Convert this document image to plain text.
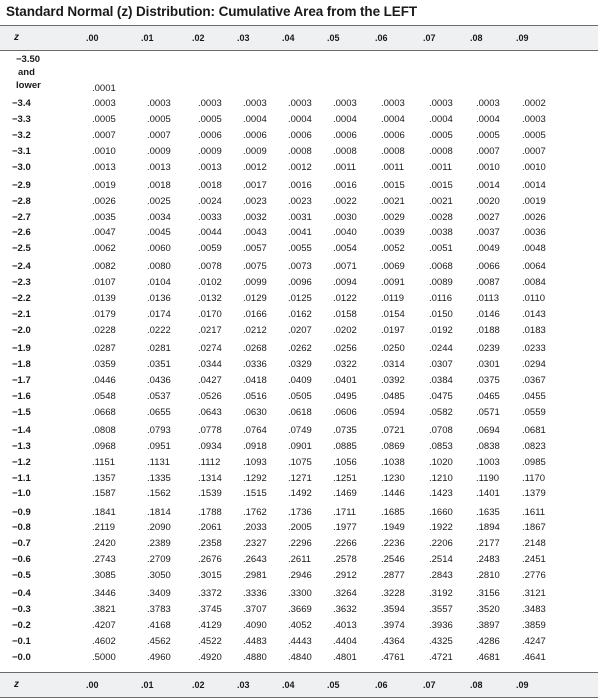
Standard Normal (z) Distribution: Cumulative Area from the LEFT
z	.00	.01	.02	.03	.04	.05	.06	.07	.08	.09
−3.50
and
lower	.0001
−3.4	.0003	.0003	.0003	.0003	.0003	.0003	.0003	.0003	.0003	.0002
−3.3	.0005	.0005	.0005	.0004	.0004	.0004	.0004	.0004	.0004	.0003
−3.2	.0007	.0007	.0006	.0006	.0006	.0006	.0006	.0005	.0005	.0005
−3.1	.0010	.0009	.0009	.0009	.0008	.0008	.0008	.0008	.0007	.0007
−3.0	.0013	.0013	.0013	.0012	.0012	.0011	.0011	.0011	.0010	.0010
−2.9	.0019	.0018	.0018	.0017	.0016	.0016	.0015	.0015	.0014	.0014
−2.8	.0026	.0025	.0024	.0023	.0023	.0022	.0021	.0021	.0020	.0019
−2.7	.0035	.0034	.0033	.0032	.0031	.0030	.0029	.0028	.0027	.0026
−2.6	.0047	.0045	.0044	.0043	.0041	.0040	.0039	.0038	.0037	.0036
−2.5	.0062	.0060	.0059	.0057	.0055	.0054	.0052	.0051	.0049	.0048
−2.4	.0082	.0080	.0078	.0075	.0073	.0071	.0069	.0068	.0066	.0064
−2.3	.0107	.0104	.0102	.0099	.0096	.0094	.0091	.0089	.0087	.0084
−2.2	.0139	.0136	.0132	.0129	.0125	.0122	.0119	.0116	.0113	.0110
−2.1	.0179	.0174	.0170	.0166	.0162	.0158	.0154	.0150	.0146	.0143
−2.0	.0228	.0222	.0217	.0212	.0207	.0202	.0197	.0192	.0188	.0183
−1.9	.0287	.0281	.0274	.0268	.0262	.0256	.0250	.0244	.0239	.0233
−1.8	.0359	.0351	.0344	.0336	.0329	.0322	.0314	.0307	.0301	.0294
−1.7	.0446	.0436	.0427	.0418	.0409	.0401	.0392	.0384	.0375	.0367
−1.6	.0548	.0537	.0526	.0516	.0505	.0495	.0485	.0475	.0465	.0455
−1.5	.0668	.0655	.0643	.0630	.0618	.0606	.0594	.0582	.0571	.0559
−1.4	.0808	.0793	.0778	.0764	.0749	.0735	.0721	.0708	.0694	.0681
−1.3	.0968	.0951	.0934	.0918	.0901	.0885	.0869	.0853	.0838	.0823
−1.2	.1151	.1131	.1112	.1093	.1075	.1056	.1038	.1020	.1003	.0985
−1.1	.1357	.1335	.1314	.1292	.1271	.1251	.1230	.1210	.1190	.1170
−1.0	.1587	.1562	.1539	.1515	.1492	.1469	.1446	.1423	.1401	.1379
−0.9	.1841	.1814	.1788	.1762	.1736	.1711	.1685	.1660	.1635	.1611
−0.8	.2119	.2090	.2061	.2033	.2005	.1977	.1949	.1922	.1894	.1867
−0.7	.2420	.2389	.2358	.2327	.2296	.2266	.2236	.2206	.2177	.2148
−0.6	.2743	.2709	.2676	.2643	.2611	.2578	.2546	.2514	.2483	.2451
−0.5	.3085	.3050	.3015	.2981	.2946	.2912	.2877	.2843	.2810	.2776
−0.4	.3446	.3409	.3372	.3336	.3300	.3264	.3228	.3192	.3156	.3121
−0.3	.3821	.3783	.3745	.3707	.3669	.3632	.3594	.3557	.3520	.3483
−0.2	.4207	.4168	.4129	.4090	.4052	.4013	.3974	.3936	.3897	.3859
−0.1	.4602	.4562	.4522	.4483	.4443	.4404	.4364	.4325	.4286	.4247
−0.0	.5000	.4960	.4920	.4880	.4840	.4801	.4761	.4721	.4681	.4641
z	.00	.01	.02	.03	.04	.05	.06	.07	.08	.09
